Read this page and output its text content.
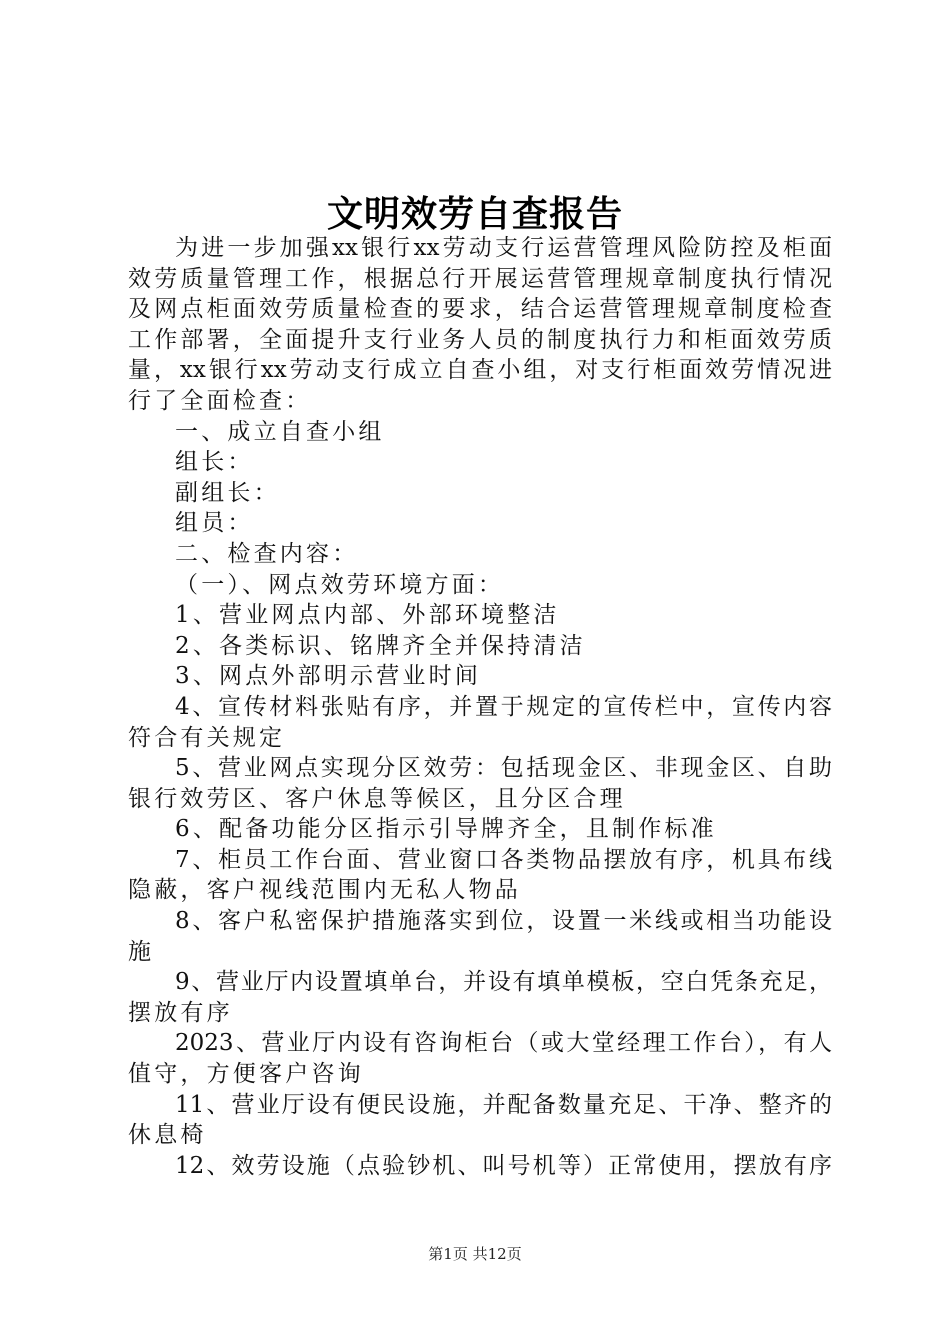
文明效劳自查报告
为进一步加强xx银行xx劳动支行运营管理风险防控及柜面
效劳质量管理工作，根据总行开展运营管理规章制度执行情况
及网点柜面效劳质量检查的要求，结合运营管理规章制度检查
工作部署，全面提升支行业务人员的制度执行力和柜面效劳质
量，xx银行xx劳动支行成立自查小组，对支行柜面效劳情况进
行了全面检查：
一、成立自查小组
组长：
副组长：
组员：
二、检查内容：
（一）、网点效劳环境方面：
1、营业网点内部、外部环境整洁
2、各类标识、铭牌齐全并保持清洁
3、网点外部明示营业时间
4、宣传材料张贴有序，并置于规定的宣传栏中，宣传内容
符合有关规定
5、营业网点实现分区效劳：包括现金区、非现金区、自助
银行效劳区、客户休息等候区，且分区合理
6、配备功能分区指示引导牌齐全，且制作标准
7、柜员工作台面、营业窗口各类物品摆放有序，机具布线
隐蔽，客户视线范围内无私人物品
8、客户私密保护措施落实到位，设置一米线或相当功能设
施
9、营业厅内设置填单台，并设有填单模板，空白凭条充足，
摆放有序
2023、营业厅内设有咨询柜台（或大堂经理工作台），有人
值守，方便客户咨询
11、营业厅设有便民设施，并配备数量充足、干净、整齐的
休息椅
12、效劳设施（点验钞机、叫号机等）正常使用，摆放有序
第1页 共12页
